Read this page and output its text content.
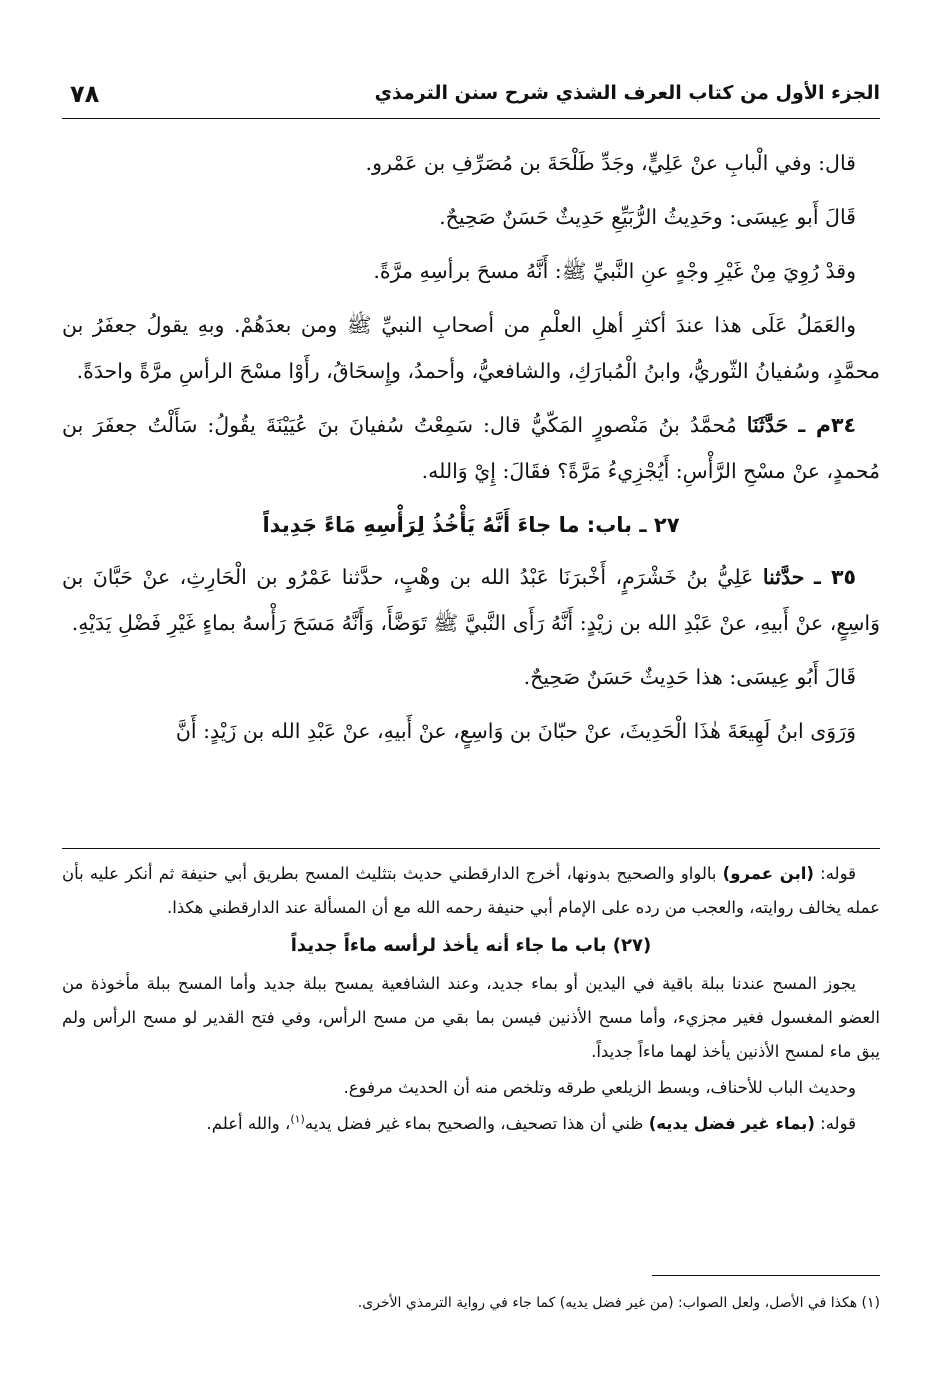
٧٨	الجزء الأول من كتاب العرف الشذي شرح سنن الترمذي

قال: وفي الْبابِ عنْ عَلِيٍّ، وجَدِّ طَلْحَةَ بن مُصَرِّفِ بن عَمْرو.

قَالَ أَبو عِيسَى: وحَدِيثُ الرُّبَيِّعِ حَدِيثٌ حَسَنٌ صَحِيحٌ.

وقدْ رُوِيَ مِنْ غَيْرِ وجْهٍ عنِ النَّبيِّ ﷺ: أَنَّهُ مسحَ برأسِهِ مرَّةً.

والعَمَلُ عَلَى هذا عندَ أكثرِ أهلِ العلْمِ من أصحابِ النبيِّ ﷺ ومن بعدَهُمْ. وبهِ يقولُ جعفَرُ بن محمَّدٍ، وسُفيانُ الثّوريُّ، وابنُ الْمُبارَكِ، والشافعيُّ، وأحمدُ، وإِسحَاقُ، رأَوْا مسْحَ الرأسِ مرَّةً واحدَةً.

٣٤م ـ حَدَّثَنَا مُحمَّدُ بنُ مَنْصورٍ المَكّيُّ قال: سَمِعْتُ سُفيانَ بنَ عُيَيْنَةَ يقُولُ: سَأَلْتُ جعفَرَ بن مُحمدٍ، عنْ مسْحِ الرَّأْسِ: أَيُجْزِيءُ مَرَّةً؟ فقَالَ: إِيْ وَالله.

٢٧ ـ باب: ما جاءَ أَنَّهُ يَأْخُذُ لِرَأْسِهِ مَاءً جَدِيداً

٣٥ ـ حدَّثنا عَلِيُّ بنُ خَشْرَمٍ، أَخْبرَنَا عَبْدُ الله بن وهْبٍ، حدَّثنا عَمْرُو بن الْحَارِثِ، عنْ حَبَّانَ بن وَاسِعٍ، عنْ أَبيهِ، عنْ عَبْدِ الله بن زيْدٍ: أَنَّهُ رَأَى النَّبيَّ ﷺ تَوَضَّأَ، وَأَنَّهُ مَسَحَ رَأْسهُ بماءٍ غَيْرِ فَضْلِ يَدَيْهِ.

قَالَ أَبُو عِيسَى: هذا حَدِيثٌ حَسَنٌ صَحِيحٌ.

وَرَوَى ابنُ لَهِيعَةَ هٰذَا الْحَدِيثَ، عنْ حبّانَ بن وَاسِعٍ، عنْ أَبيهِ، عنْ عَبْدِ الله بن زَيْدٍ: أَنَّ

قوله: (ابن عمرو) بالواو والصحيح بدونها، أخرج الدارقطني حديث بتثليث المسح بطريق أبي حنيفة ثم أنكر عليه بأن عمله يخالف روايته، والعجب من رده على الإمام أبي حنيفة رحمه الله مع أن المسألة عند الدارقطني هكذا.

(٢٧) باب ما جاء أنه يأخذ لرأسه ماءاً جديداً

يجوز المسح عندنا ببلة باقية في اليدين أو بماء جديد، وعند الشافعية يمسح ببلة جديد وأما المسح ببلة مأخوذة من العضو المغسول فغير مجزيء، وأما مسح الأذنين فيسن بما بقي من مسح الرأس، وفي فتح القدير لو مسح الرأس ولم يبق ماء لمسح الأذنين يأخذ لهما ماءاً جديداً.

وحديث الباب للأحناف، وبسط الزيلعي طرقه وتلخص منه أن الحديث مرفوع.

قوله: (بماء غير فضل يديه) ظني أن هذا تصحيف، والصحيح بماء غير فضل يديه$^{(١)}$، والله أعلم.

(١) هكذا في الأصل، ولعل الصواب: (من غير فضل يديه) كما جاء في رواية الترمذي الأخرى.
